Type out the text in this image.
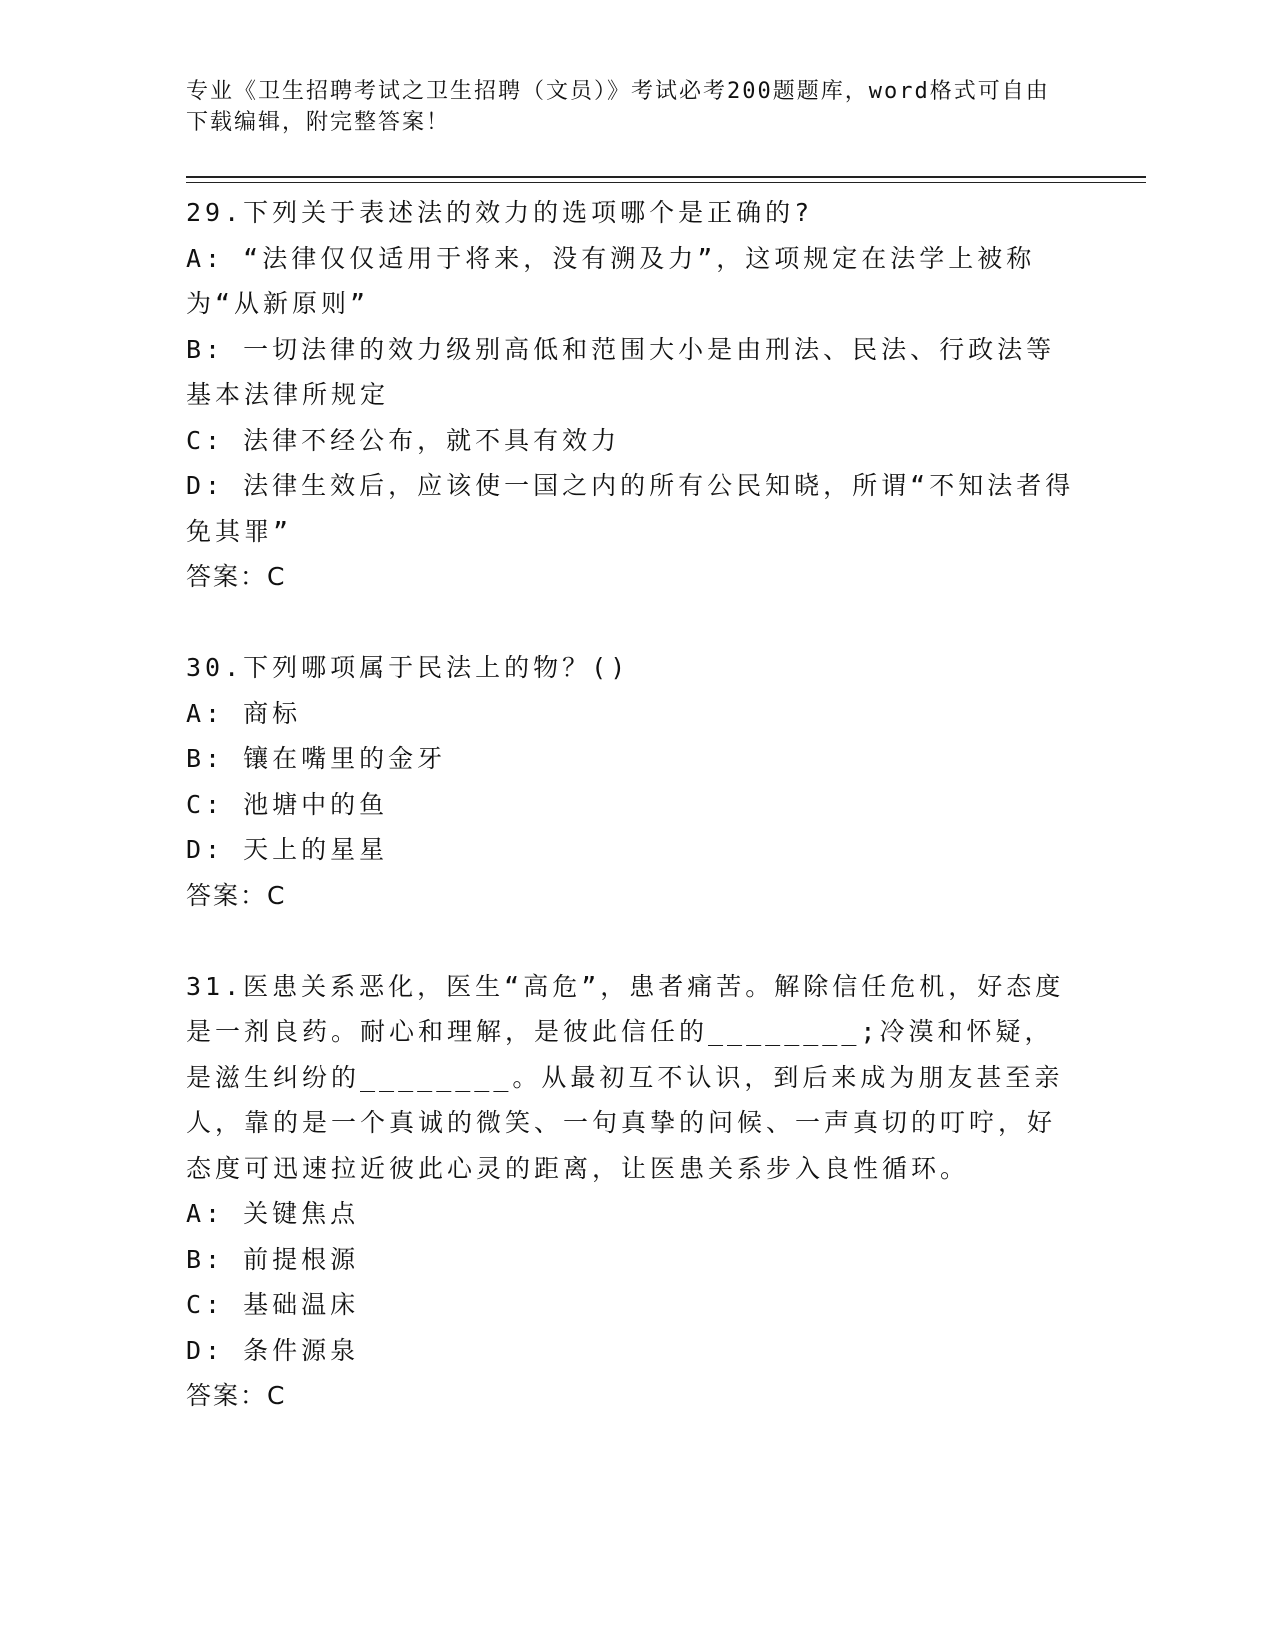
专业《卫生招聘考试之卫生招聘（文员）》考试必考200题题库，word格式可自由下载编辑，附完整答案！
29.下列关于表述法的效力的选项哪个是正确的?
A: “法律仅仅适用于将来，没有溯及力”，这项规定在法学上被称为“从新原则”
B: 一切法律的效力级别高低和范围大小是由刑法、民法、行政法等基本法律所规定
C: 法律不经公布，就不具有效力
D: 法律生效后，应该使一国之内的所有公民知晓，所谓“不知法者得免其罪”
答案：C
30.下列哪项属于民法上的物？()
A: 商标
B: 镶在嘴里的金牙
C: 池塘中的鱼
D: 天上的星星
答案：C
31.医患关系恶化，医生“高危”，患者痛苦。解除信任危机，好态度是一剂良药。耐心和理解，是彼此信任的________;冷漠和怀疑，是滋生纠纷的________。从最初互不认识，到后来成为朋友甚至亲人，靠的是一个真诚的微笑、一句真挚的问候、一声真切的叮咛，好态度可迅速拉近彼此心灵的距离，让医患关系步入良性循环。
A: 关键焦点
B: 前提根源
C: 基础温床
D: 条件源泉
答案：C
